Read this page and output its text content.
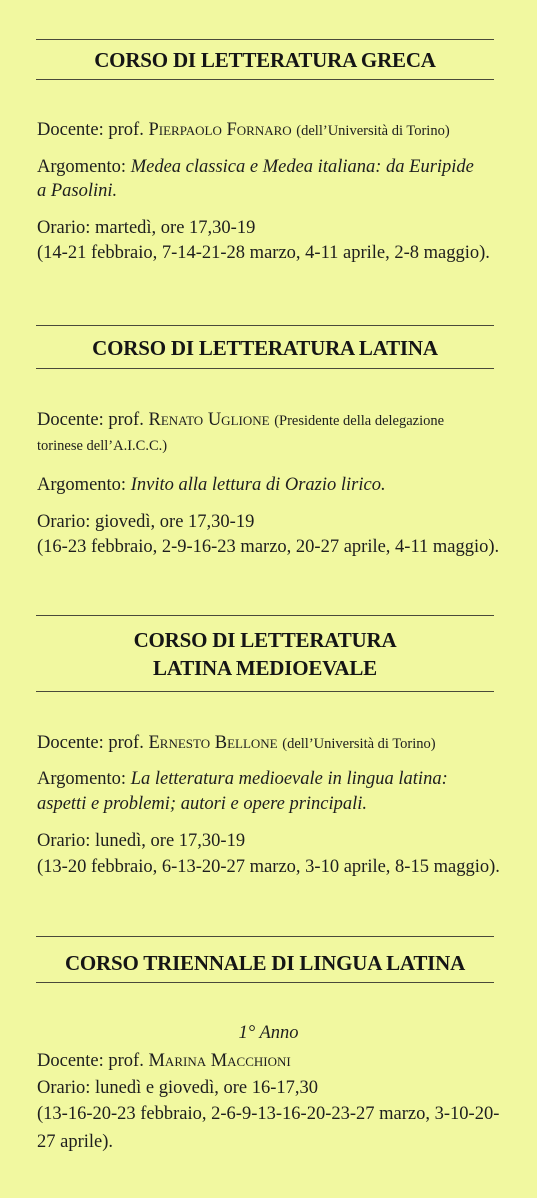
CORSO DI LETTERATURA GRECA
Docente: prof. Pierpaolo Fornaro (dell’Università di Torino)
Argomento: Medea classica e Medea italiana: da Euripide
a Pasolini.
Orario: martedì, ore 17,30-19
(14-21 febbraio, 7-14-21-28 marzo, 4-11 aprile, 2-8 maggio).
CORSO DI LETTERATURA LATINA
Docente: prof. Renato Uglione (Presidente della delegazione
torinese dell’A.I.C.C.)
Argomento: Invito alla lettura di Orazio lirico.
Orario: giovedì, ore 17,30-19
(16-23 febbraio, 2-9-16-23 marzo, 20-27 aprile, 4-11 maggio).
CORSO DI LETTERATURA
LATINA MEDIOEVALE
Docente: prof. Ernesto Bellone (dell’Università di Torino)
Argomento: La letteratura medioevale in lingua latina:
aspetti e problemi; autori e opere principali.
Orario: lunedì, ore 17,30-19
(13-20 febbraio, 6-13-20-27 marzo, 3-10 aprile, 8-15 maggio).
CORSO TRIENNALE DI LINGUA LATINA
1° Anno
Docente: prof. Marina Macchioni
Orario: lunedì e giovedì, ore 16-17,30
(13-16-20-23 febbraio, 2-6-9-13-16-20-23-27 marzo, 3-10-20-
27 aprile).
